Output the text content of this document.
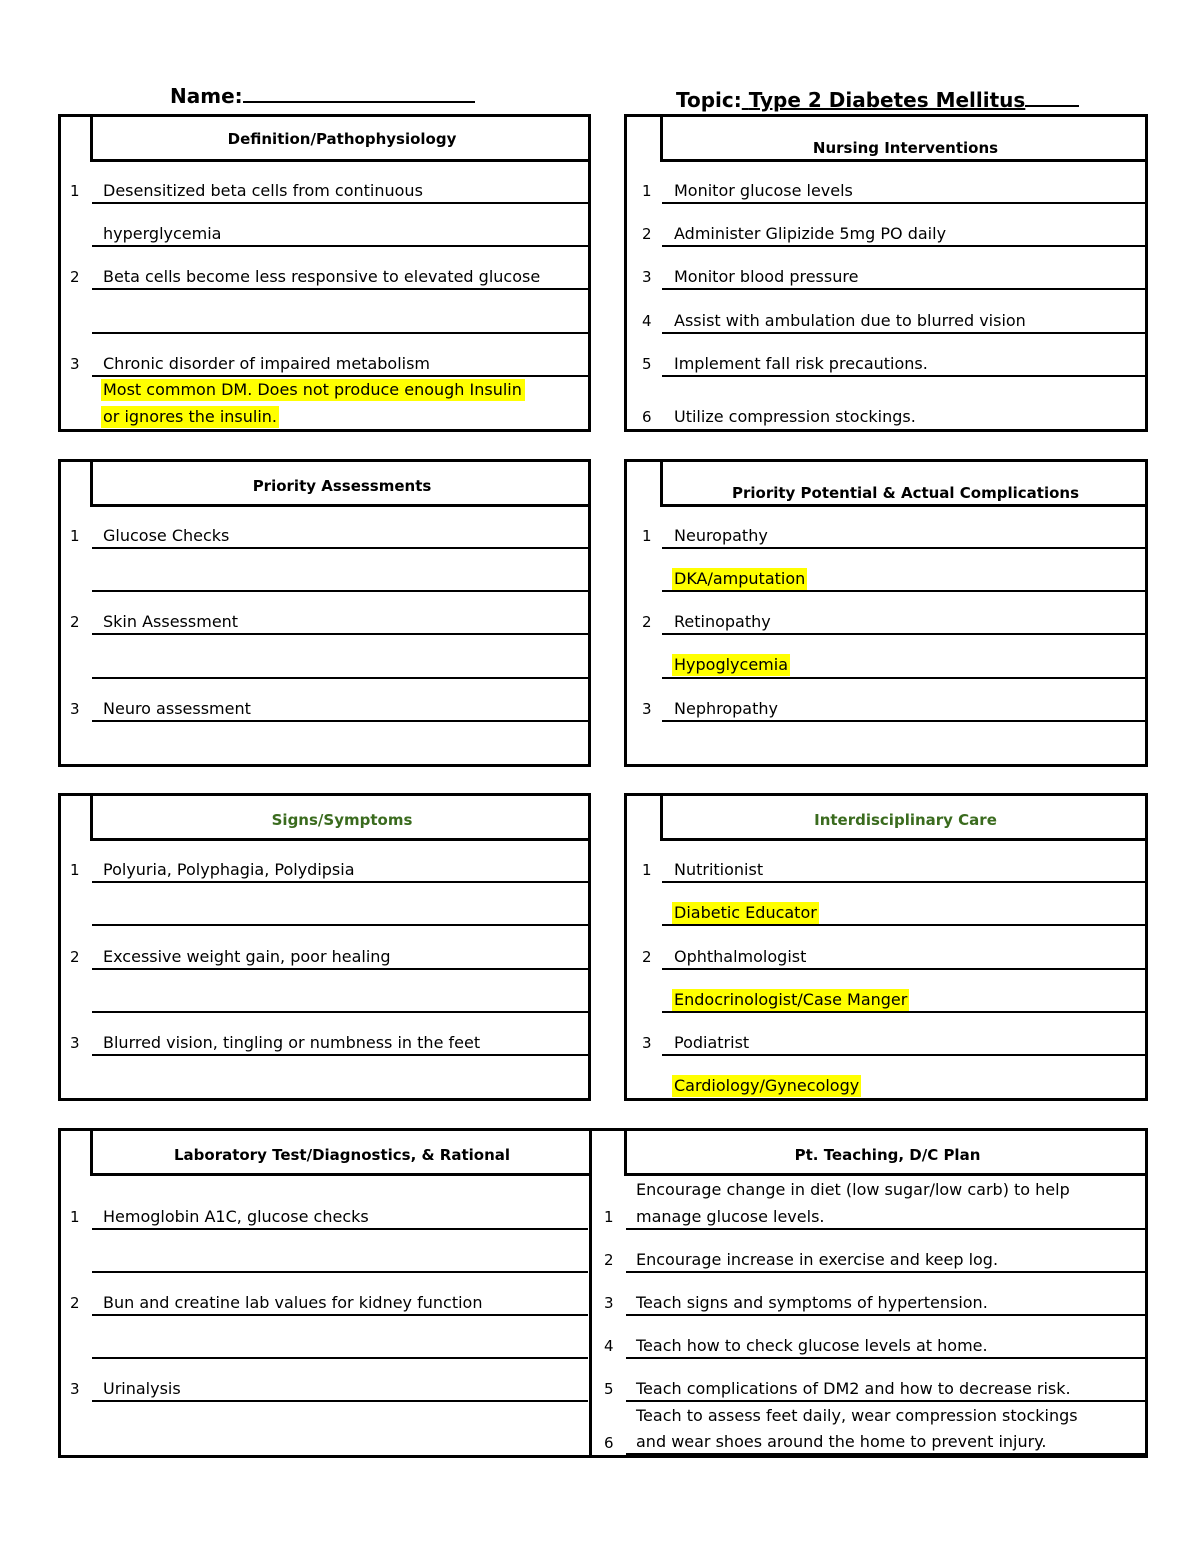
Name:	Topic: Type 2 Diabetes Mellitus
Definition/Pathophysiology
1 Desensitized beta cells from continuous
hyperglycemia
2 Beta cells become less responsive to elevated glucose
3 Chronic disorder of impaired metabolism
Most common DM. Does not produce enough Insulin
or ignores the insulin.
Nursing Interventions
1 Monitor glucose levels
2 Administer Glipizide 5mg PO daily
3 Monitor blood pressure
4 Assist with ambulation due to blurred vision
5 Implement fall risk precautions.
6 Utilize compression stockings.
Priority Assessments
1 Glucose Checks
2 Skin Assessment
3 Neuro assessment
Priority Potential & Actual Complications
1 Neuropathy
DKA/amputation
2 Retinopathy
Hypoglycemia
3 Nephropathy
Signs/Symptoms
1 Polyuria, Polyphagia, Polydipsia
2 Excessive weight gain, poor healing
3 Blurred vision, tingling or numbness in the feet
Interdisciplinary Care
1 Nutritionist
Diabetic Educator
2 Ophthalmologist
Endocrinologist/Case Manger
3 Podiatrist
Cardiology/Gynecology
Laboratory Test/Diagnostics, & Rational	Pt. Teaching, D/C Plan
1 Hemoglobin A1C, glucose checks
2 Bun and creatine lab values for kidney function
3 Urinalysis
1
Encourage change in diet (low sugar/low carb) to help
manage glucose levels.
2 Encourage increase in exercise and keep log.
3 Teach signs and symptoms of hypertension.
4 Teach how to check glucose levels at home.
5 Teach complications of DM2 and how to decrease risk.
6
Teach to assess feet daily, wear compression stockings
and wear shoes around the home to prevent injury.
